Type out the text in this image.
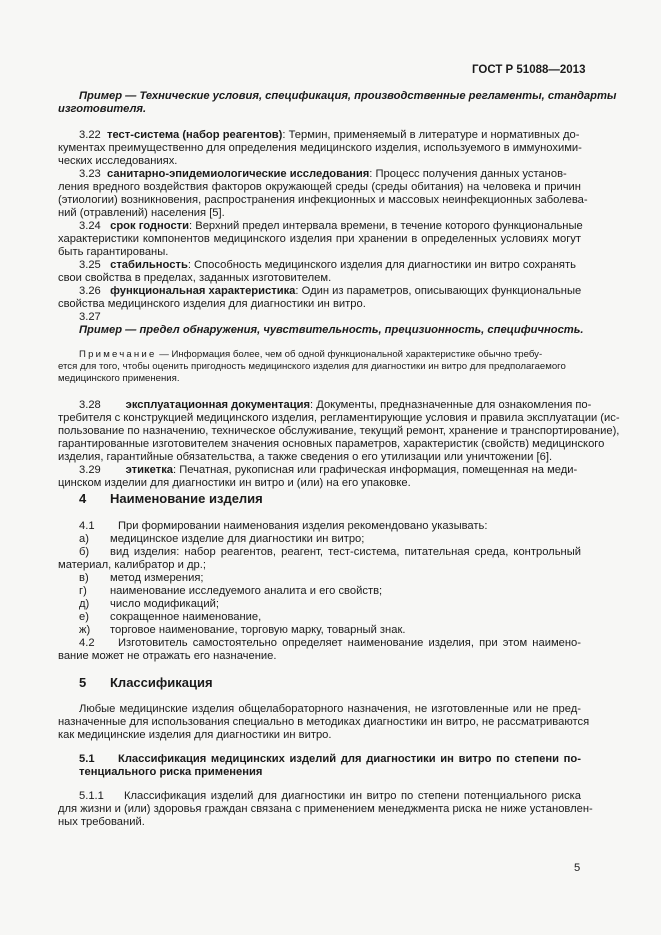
ГОСТ Р 51088—2013
Пример — Технические условия, спецификация, производственные регламенты, стандарты
изготовителя.
3.22 тест-система (набор реагентов): Термин, применяемый в литературе и нормативных до-
кументах преимущественно для определения медицинского изделия, используемого в иммунохими-
ческих исследованиях.
3.23 санитарно-эпидемиологические исследования: Процесс получения данных установ-
ления вредного воздействия факторов окружающей среды (среды обитания) на человека и причин
(этиологии) возникновения, распространения инфекционных и массовых неинфекционных заболева-
ний (отравлений) населения [5].
3.24 срок годности: Верхний предел интервала времени, в течение которого функциональные
характеристики компонентов медицинского изделия при хранении в определенных условиях могут
быть гарантированы.
3.25 стабильность: Способность медицинского изделия для диагностики ин витро сохранять
свои свойства в пределах, заданных изготовителем.
3.26 функциональная характеристика: Один из параметров, описывающих функциональные
свойства медицинского изделия для диагностики ин витро.
3.27
Пример — предел обнаружения, чувствительность, прецизионность, специфичность.
Примечание — Информация более, чем об одной функциональной характеристике обычно требу-
ется для того, чтобы оценить пригодность медицинского изделия для диагностики ин витро для предполагаемого
медицинского применения.
3.28 эксплуатационная документация: Документы, предназначенные для ознакомления по-
требителя с конструкцией медицинского изделия, регламентирующие условия и правила эксплуатации (ис-
пользование по назначению, техническое обслуживание, текущий ремонт, хранение и транспортирование),
гарантированные изготовителем значения основных параметров, характеристик (свойств) медицинского
изделия, гарантийные обязательства, а также сведения о его утилизации или уничтожении [6].
3.29 этикетка: Печатная, рукописная или графическая информация, помещенная на меди-
цинском изделии для диагностики ин витро и (или) на его упаковке.
4 Наименование изделия
4.1 При формировании наименования изделия рекомендовано указывать:
а) медицинское изделие для диагностики ин витро;
б) вид изделия: набор реагентов, реагент, тест-система, питательная среда, контрольный
материал, калибратор и др.;
в) метод измерения;
г) наименование исследуемого аналита и его свойств;
д) число модификаций;
е) сокращенное наименование,
ж) торговое наименование, торговую марку, товарный знак.
4.2 Изготовитель самостоятельно определяет наименование изделия, при этом наимено-
вание может не отражать его назначение.
5 Классификация
Любые медицинские изделия общелабораторного назначения, не изготовленные или не пред-
назначенные для использования специально в методиках диагностики ин витро, не рассматриваются
как медицинские изделия для диагностики ин витро.
5.1 Классификация медицинских изделий для диагностики ин витро по степени по-
тенциального риска применения
5.1.1 Классификация изделий для диагностики ин витро по степени потенциального риска
для жизни и (или) здоровья граждан связана с применением менеджмента риска не ниже установлен-
ных требований.
5
